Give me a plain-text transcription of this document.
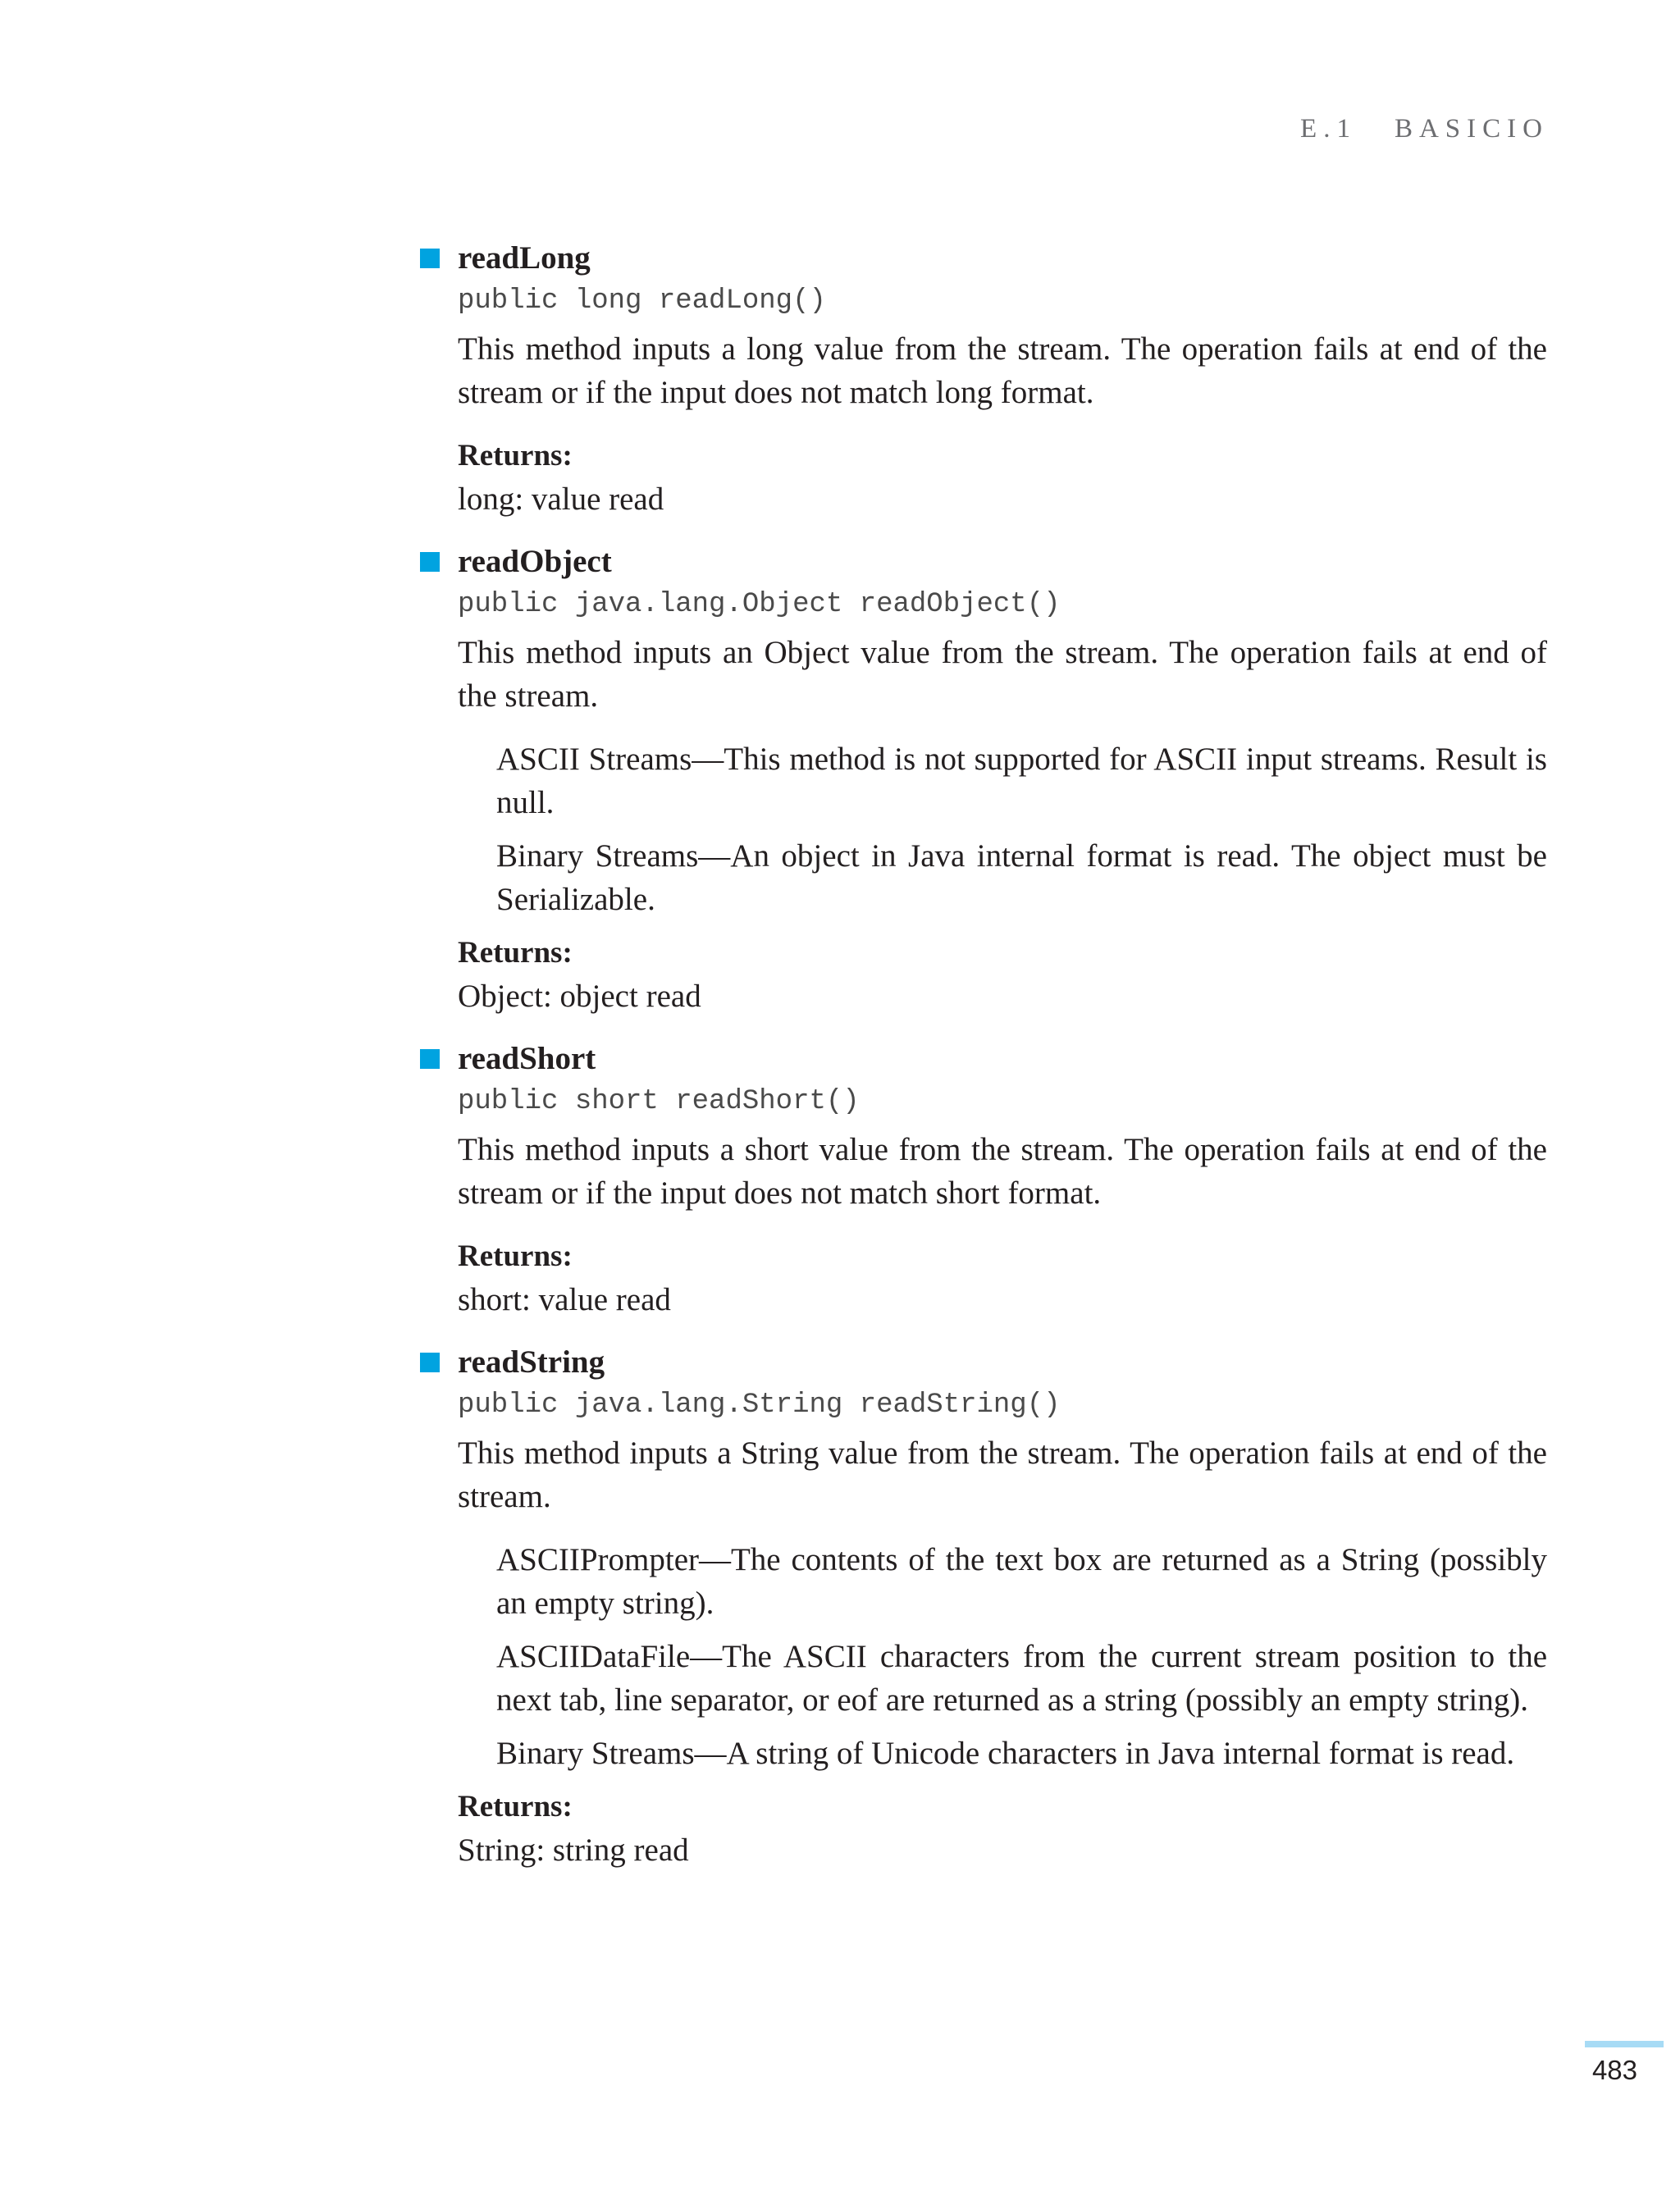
E.1 BASICIO
readLong
public long readLong()
This method inputs a long value from the stream. The operation fails at end of the stream or if the input does not match long format.
Returns:
long: value read
readObject
public java.lang.Object readObject()
This method inputs an Object value from the stream. The operation fails at end of the stream.
ASCII Streams—This method is not supported for ASCII input streams. Result is null.
Binary Streams—An object in Java internal format is read. The object must be Serializable.
Returns:
Object: object read
readShort
public short readShort()
This method inputs a short value from the stream. The operation fails at end of the stream or if the input does not match short format.
Returns:
short: value read
readString
public java.lang.String readString()
This method inputs a String value from the stream. The operation fails at end of the stream.
ASCIIPrompter—The contents of the text box are returned as a String (possibly an empty string).
ASCIIDataFile—The ASCII characters from the current stream position to the next tab, line separator, or eof are returned as a string (possibly an empty string).
Binary Streams—A string of Unicode characters in Java internal format is read.
Returns:
String: string read
483
